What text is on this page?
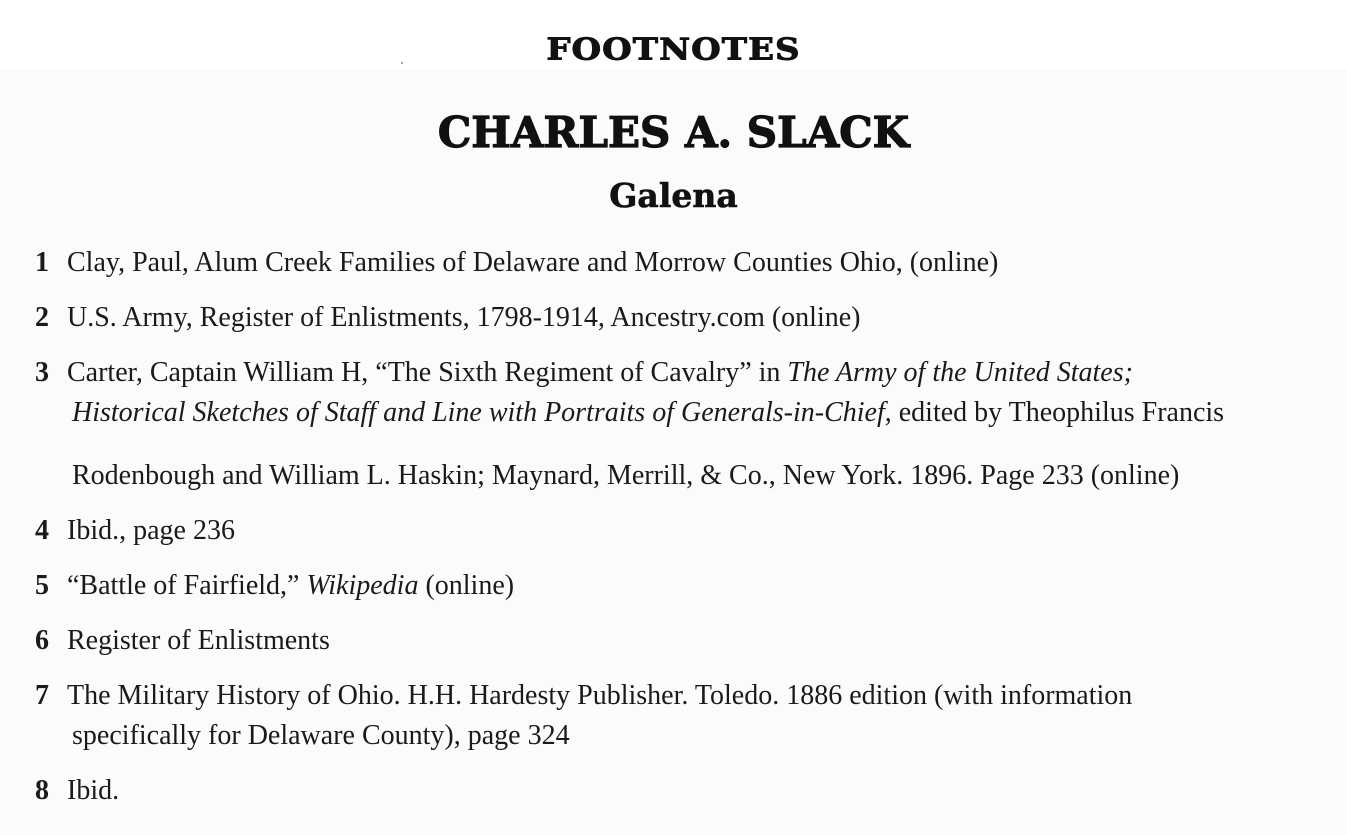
FOOTNOTES
CHARLES A. SLACK
Galena
1 Clay, Paul, Alum Creek Families of Delaware and Morrow Counties Ohio, (online)
2 U.S. Army, Register of Enlistments, 1798-1914, Ancestry.com (online)
3 Carter, Captain William H, “The Sixth Regiment of Cavalry” in The Army of the United States;
Historical Sketches of Staff and Line with Portraits of Generals-in-Chief, edited by Theophilus Francis
Rodenbough and William L. Haskin; Maynard, Merrill, & Co., New York. 1896. Page 233 (online)
4 Ibid., page 236
5 “Battle of Fairfield,” Wikipedia (online)
6 Register of Enlistments
7 The Military History of Ohio. H.H. Hardesty Publisher. Toledo. 1886 edition (with information
specifically for Delaware County), page 324
8 Ibid.
